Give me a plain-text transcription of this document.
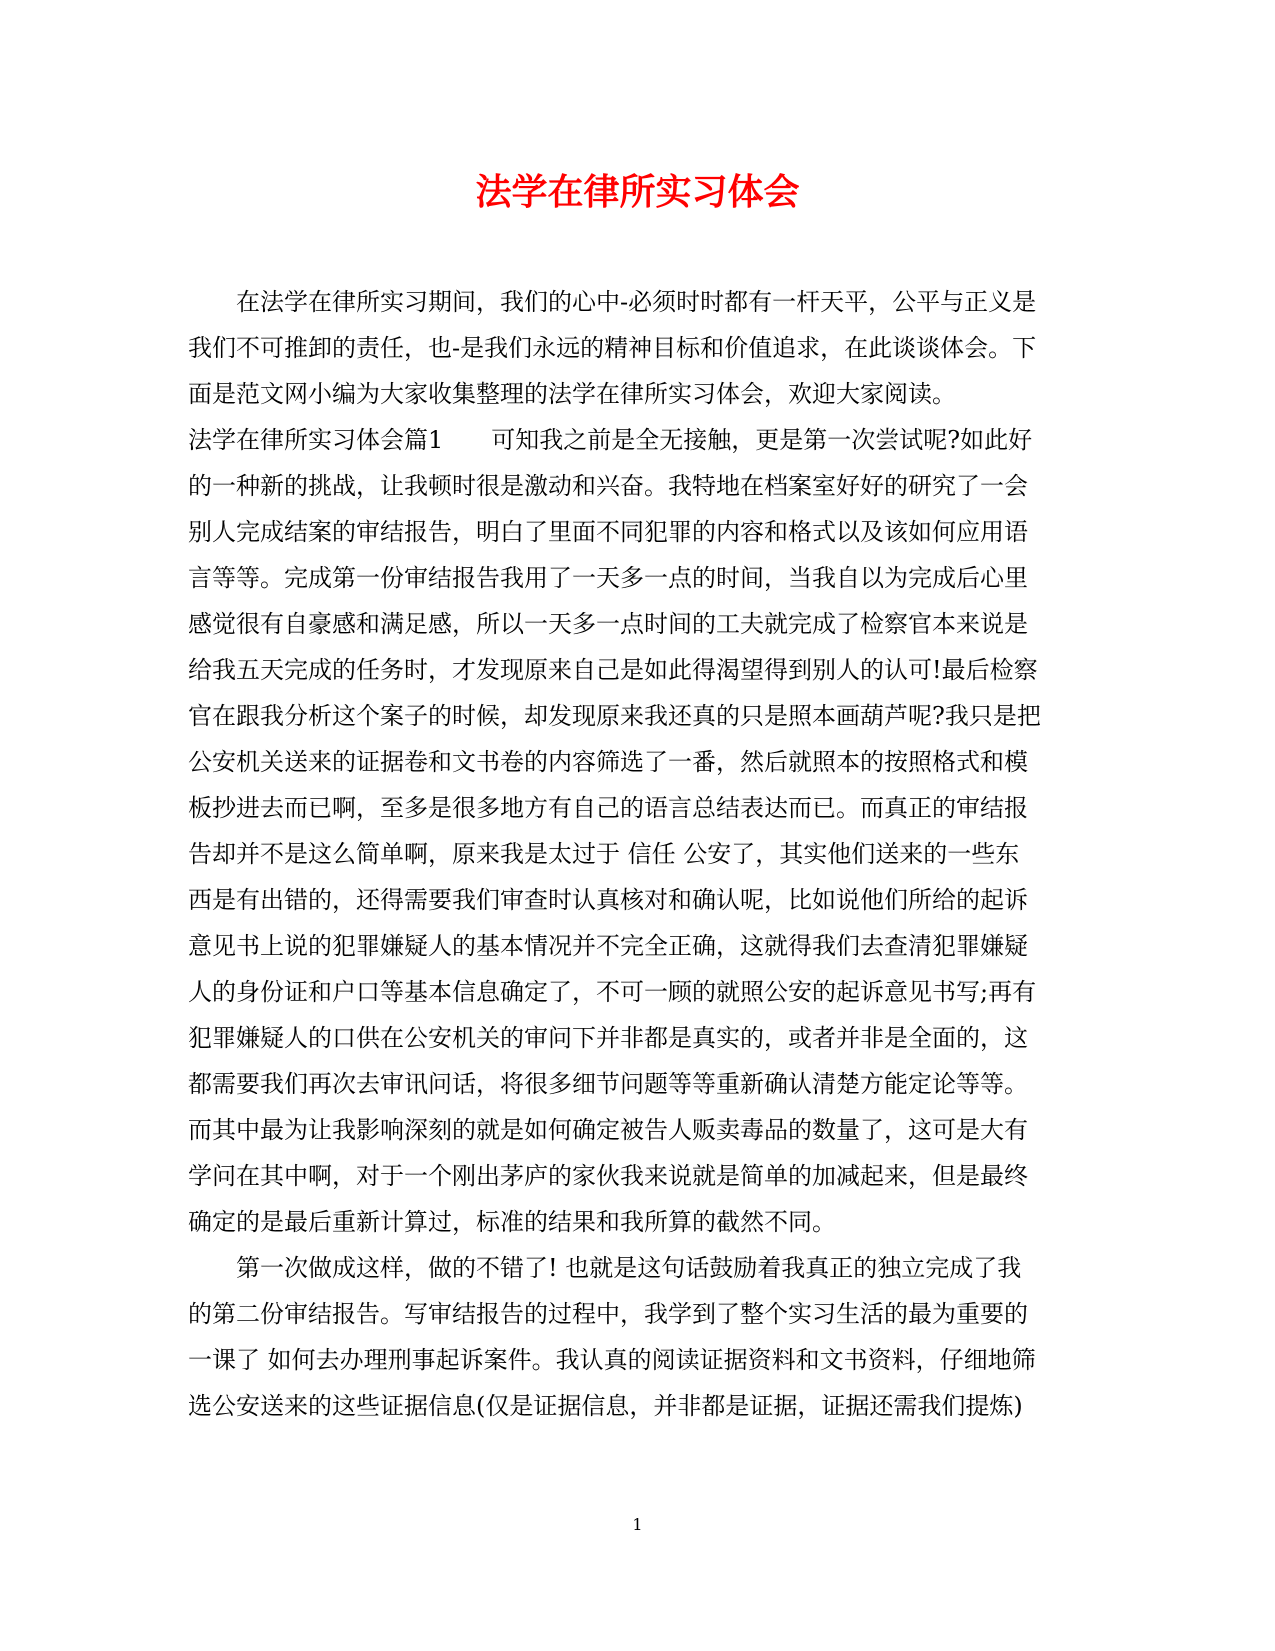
法学在律所实习体会
在法学在律所实习期间，我们的心中-必须时时都有一杆天平，公平与正义是
我们不可推卸的责任，也-是我们永远的精神目标和价值追求，在此谈谈体会。下
面是范文网小编为大家收集整理的法学在律所实习体会，欢迎大家阅读。
法学在律所实习体会篇1　　可知我之前是全无接触，更是第一次尝试呢?如此好
的一种新的挑战，让我顿时很是激动和兴奋。我特地在档案室好好的研究了一会
别人完成结案的审结报告，明白了里面不同犯罪的内容和格式以及该如何应用语
言等等。完成第一份审结报告我用了一天多一点的时间，当我自以为完成后心里
感觉很有自豪感和满足感，所以一天多一点时间的工夫就完成了检察官本来说是
给我五天完成的任务时，才发现原来自己是如此得渴望得到别人的认可!最后检察
官在跟我分析这个案子的时候，却发现原来我还真的只是照本画葫芦呢?我只是把
公安机关送来的证据卷和文书卷的内容筛选了一番，然后就照本的按照格式和模
板抄进去而已啊，至多是很多地方有自己的语言总结表达而已。而真正的审结报
告却并不是这么简单啊，原来我是太过于 信任 公安了，其实他们送来的一些东
西是有出错的，还得需要我们审查时认真核对和确认呢，比如说他们所给的起诉
意见书上说的犯罪嫌疑人的基本情况并不完全正确，这就得我们去查清犯罪嫌疑
人的身份证和户口等基本信息确定了，不可一顾的就照公安的起诉意见书写;再有
犯罪嫌疑人的口供在公安机关的审问下并非都是真实的，或者并非是全面的，这
都需要我们再次去审讯问话，将很多细节问题等等重新确认清楚方能定论等等。
而其中最为让我影响深刻的就是如何确定被告人贩卖毒品的数量了，这可是大有
学问在其中啊，对于一个刚出茅庐的家伙我来说就是简单的加减起来，但是最终
确定的是最后重新计算过，标准的结果和我所算的截然不同。
第一次做成这样，做的不错了! 也就是这句话鼓励着我真正的独立完成了我
的第二份审结报告。写审结报告的过程中，我学到了整个实习生活的最为重要的
一课了 如何去办理刑事起诉案件。我认真的阅读证据资料和文书资料，仔细地筛
选公安送来的这些证据信息(仅是证据信息，并非都是证据，证据还需我们提炼)
1
